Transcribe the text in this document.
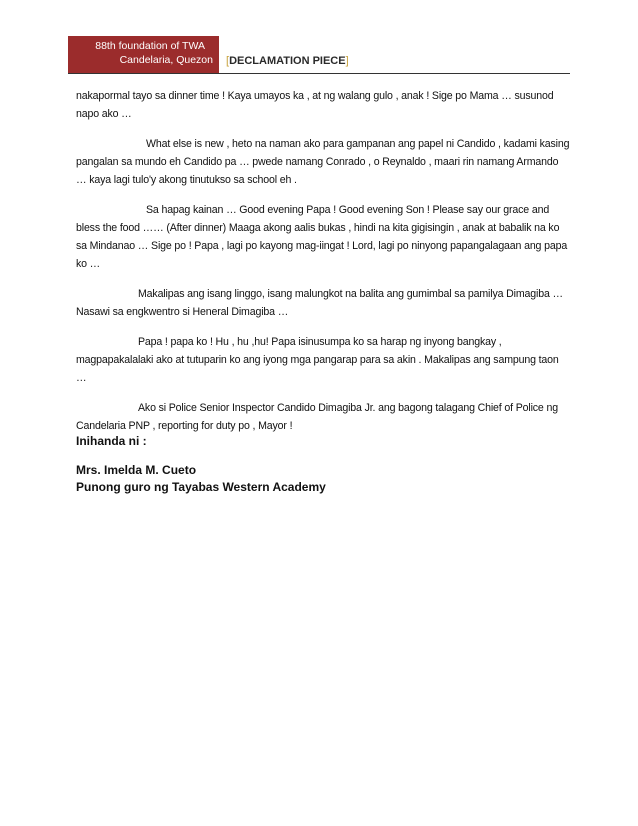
88th foundation of TWA
Candelaria, Quezon [DECLAMATION PIECE]

nakapormal tayo sa dinner time ! Kaya umayos ka , at ng walang gulo , anak ! Sige po Mama … susunod napo ako …

What else is new , heto na naman ako para gampanan ang papel ni Candido , kadami kasing pangalan sa mundo eh Candido pa … pwede namang Conrado , o Reynaldo , maari rin namang Armando … kaya lagi tulo'y akong tinutukso sa school eh .

Sa hapag kainan … Good evening Papa ! Good evening Son ! Please say our grace and bless the food …… (After dinner) Maaga akong aalis bukas , hindi na kita gigisingin , anak at babalik na ko sa Mindanao … Sige po ! Papa , lagi po kayong mag-iingat ! Lord, lagi po ninyong papangalagaan ang papa ko …

Makalipas ang isang linggo, isang malungkot na balita ang gumimbal sa pamilya Dimagiba … Nasawi sa engkwentro si Heneral Dimagiba …

Papa ! papa ko ! Hu , hu ,hu! Papa isinusumpa ko sa harap ng inyong bangkay , magpapakalalaki ako at tutuparin ko ang iyong mga pangarap para sa akin . Makalipas ang sampung taon …

Ako si Police Senior Inspector Candido Dimagiba Jr. ang bagong talagang Chief of Police ng Candelaria PNP , reporting for duty po , Mayor !

Inihanda ni :
Mrs. Imelda M. Cueto
Punong guro ng Tayabas Western Academy
